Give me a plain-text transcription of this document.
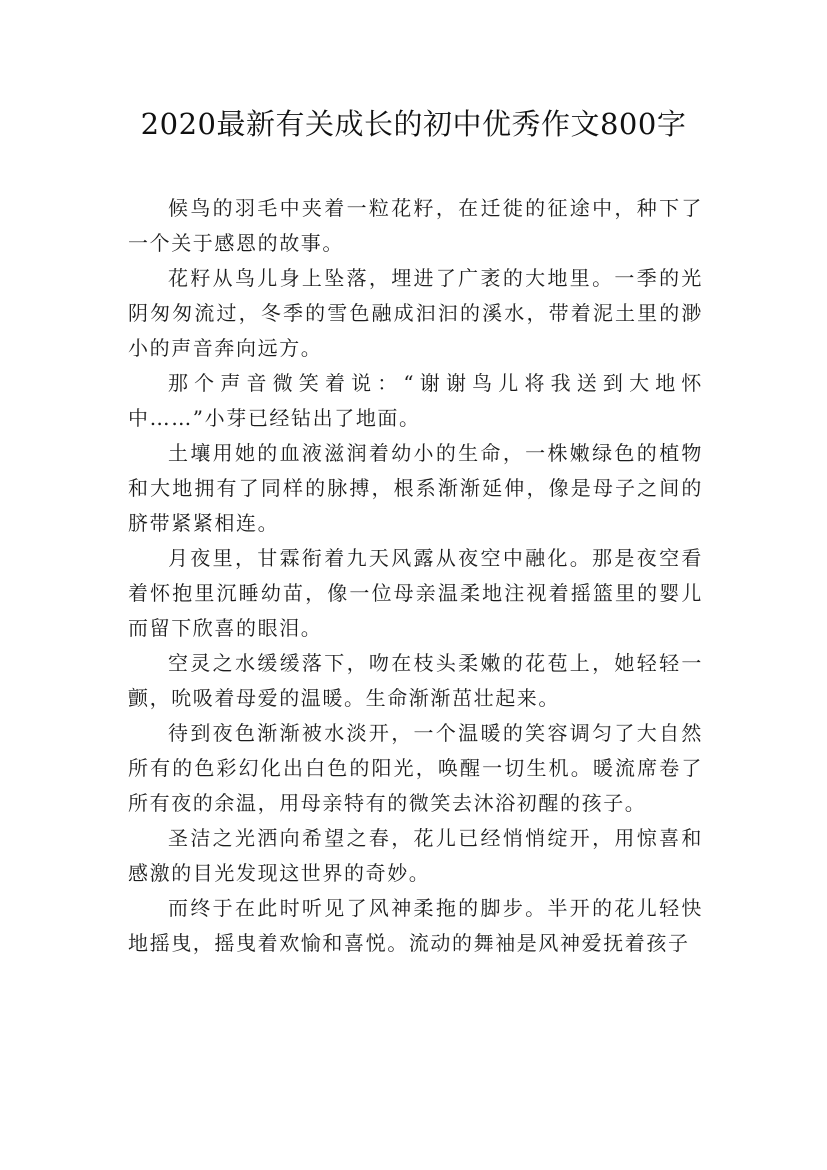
2020最新有关成长的初中优秀作文800字

候鸟的羽毛中夹着一粒花籽，在迁徙的征途中，种下了一个关于感恩的故事。

花籽从鸟儿身上坠落，埋进了广袤的大地里。一季的光阴匆匆流过，冬季的雪色融成汩汩的溪水，带着泥土里的渺小的声音奔向远方。

那个声音微笑着说：“谢谢鸟儿将我送到大地怀中……”小芽已经钻出了地面。

土壤用她的血液滋润着幼小的生命，一株嫩绿色的植物和大地拥有了同样的脉搏，根系渐渐延伸，像是母子之间的脐带紧紧相连。

月夜里，甘霖衔着九天风露从夜空中融化。那是夜空看着怀抱里沉睡幼苗，像一位母亲温柔地注视着摇篮里的婴儿而留下欣喜的眼泪。

空灵之水缓缓落下，吻在枝头柔嫩的花苞上，她轻轻一颤，吮吸着母爱的温暖。生命渐渐茁壮起来。

待到夜色渐渐被水淡开，一个温暖的笑容调匀了大自然所有的色彩幻化出白色的阳光，唤醒一切生机。暖流席卷了所有夜的余温，用母亲特有的微笑去沐浴初醒的孩子。

圣洁之光洒向希望之春，花儿已经悄悄绽开，用惊喜和感激的目光发现这世界的奇妙。

而终于在此时听见了风神柔拖的脚步。半开的花儿轻快地摇曳，摇曳着欢愉和喜悦。流动的舞袖是风神爱抚着孩子
